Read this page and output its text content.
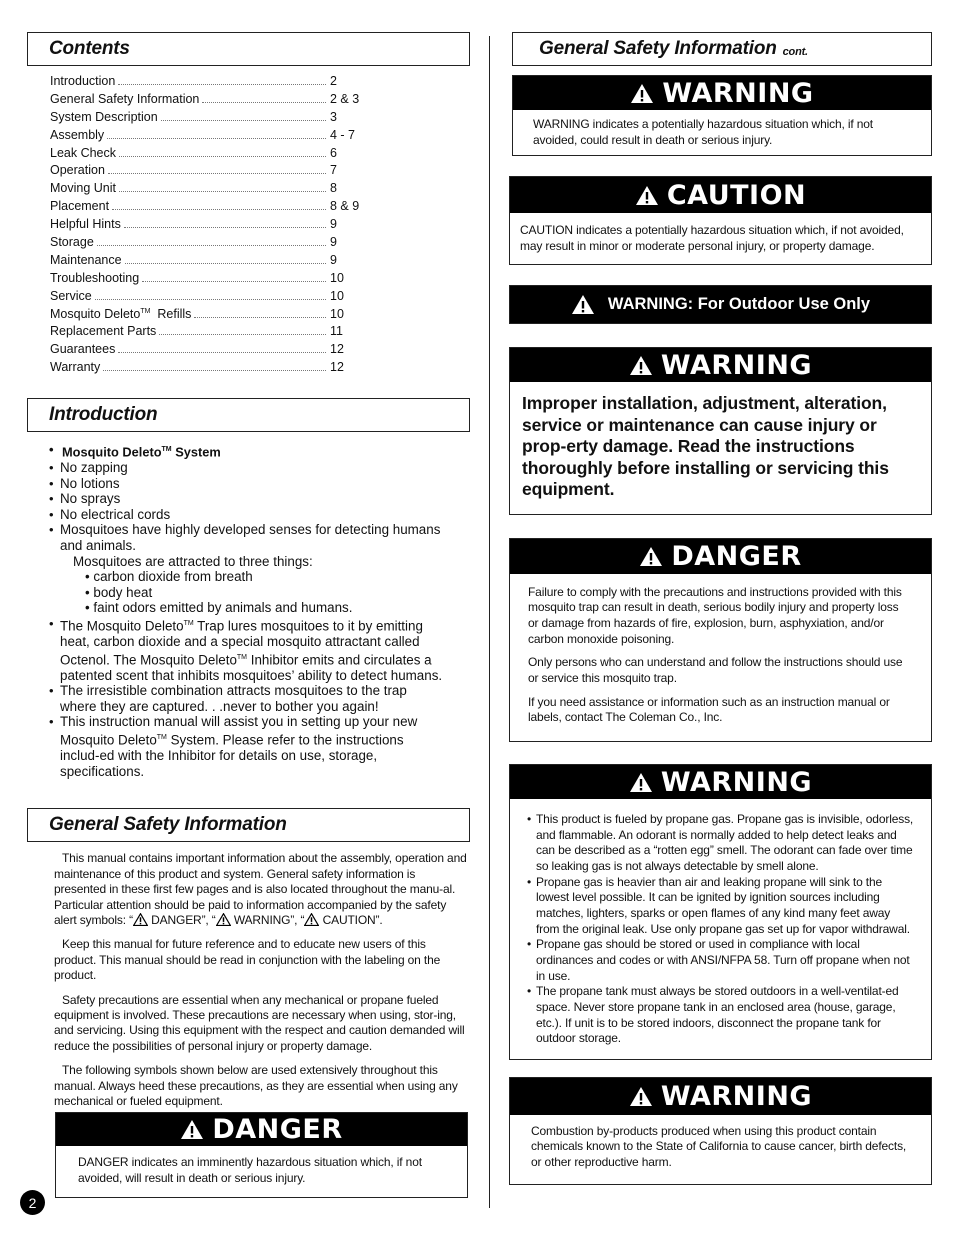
Contents
Introduction	2
General Safety Information	2 & 3
System Description	3
Assembly	4 - 7
Leak Check	6
Operation	7
Moving Unit	8
Placement	8 & 9
Helpful Hints	9
Storage	9
Maintenance	9
Troubleshooting	10
Service	10
Mosquito Deleto™  Refills	10
Replacement Parts	11
Guarantees	12
Warranty	12
Introduction
• Mosquito Deleto™ System
• No zapping
• No lotions
• No sprays
• No electrical cords
• Mosquitoes have highly developed senses for detecting humans and animals.
Mosquitoes are attracted to three things:
• carbon dioxide from breath
• body heat
• faint odors emitted by animals and humans.
• The Mosquito Deleto™ Trap lures mosquitoes to it by emitting heat, carbon dioxide and a special mosquito attractant called Octenol. The Mosquito Deleto™ Inhibitor emits and circulates a patented scent that inhibits mosquitoes’ ability to detect humans.
• The irresistible combination attracts mosquitoes to the trap where they are captured. . .never to bother you again!
• This instruction manual will assist you in setting up your new Mosquito Deleto™ System. Please refer to the instructions includ-ed with the Inhibitor for details on use, storage, specifications.
General Safety Information

This manual contains important information about the assembly, operation and maintenance of this product and system. General safety information is presented in these first few pages and is also located throughout the manu-al. Particular attention should be paid to information accompanied by the safety alert symbols: “ DANGER”, “ WARNING”, “ CAUTION”.

Keep this manual for future reference and to educate new users of this product. This manual should be read in conjunction with the labeling on the product.

Safety precautions are essential when any mechanical or propane fueled equipment is involved. These precautions are necessary when using, stor-ing, and servicing. Using this equipment with the respect and caution demanded will reduce the possibilities of personal injury or property damage.

The following symbols shown below are used extensively throughout this manual. Always heed these precautions, as they are essential when using any mechanical or fueled equipment.

DANGER
DANGER indicates an imminently hazardous situation which, if not avoided, will result in death or serious injury.
2
General Safety Information cont.
WARNING
WARNING indicates a potentially hazardous situation which, if not avoided, could result in death or serious injury.
CAUTION
CAUTION indicates a potentially hazardous situation which, if not avoided, may result in minor or moderate personal injury, or property damage.
WARNING: For Outdoor Use Only
WARNING
Improper installation, adjustment, alteration, service or maintenance can cause injury or prop-erty damage. Read the instructions thoroughly before installing or servicing this equipment.
DANGER

Failure to comply with the precautions and instructions provided with this mosquito trap can result in death, serious bodily injury and property loss or damage from hazards of fire, explosion, burn, asphyxiation, and/or carbon monoxide poisoning.

Only persons who can understand and follow the instructions should use or service this mosquito trap.

If you need assistance or information such as an instruction manual or labels, contact The Coleman Co., Inc.

WARNING
• This product is fueled by propane gas. Propane gas is invisible, odorless, and flammable. An odorant is normally added to help detect leaks and can be described as a “rotten egg” smell. The odorant can fade over time so leaking gas is not always detectable by smell alone.
• Propane gas is heavier than air and leaking propane will sink to the lowest level possible. It can be ignited by ignition sources including matches, lighters, sparks or open flames of any kind many feet away from the original leak. Use only propane gas set up for vapor withdrawal.
• Propane gas should be stored or used in compliance with local ordinances and codes or with ANSI/NFPA 58. Turn off propane when not in use.
• The propane tank must always be stored outdoors in a well-ventilat-ed space. Never store propane tank in an enclosed area (house, garage, etc.). If unit is to be stored indoors, disconnect the propane tank for outdoor storage.
WARNING
Combustion by-products produced when using this product contain chemicals known to the State of California to cause cancer, birth defects, or other reproductive harm.
